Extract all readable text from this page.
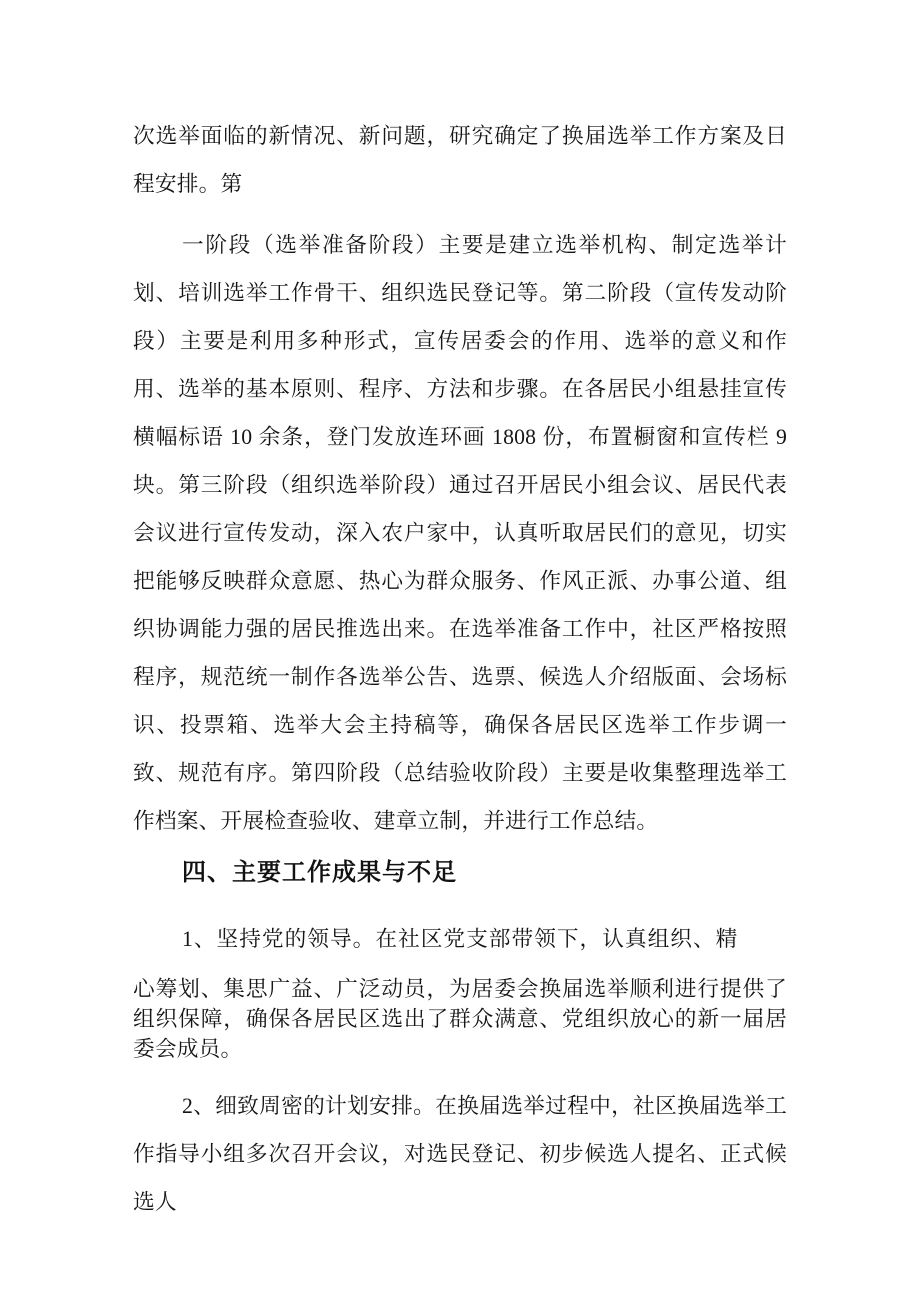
次选举面临的新情况、新问题，研究确定了换届选举工作方案及日程安排。第

一阶段（选举准备阶段）主要是建立选举机构、制定选举计划、培训选举工作骨干、组织选民登记等。第二阶段（宣传发动阶段）主要是利用多种形式，宣传居委会的作用、选举的意义和作用、选举的基本原则、程序、方法和步骤。在各居民小组悬挂宣传横幅标语 10 余条，登门发放连环画 1808 份，布置橱窗和宣传栏 9 块。第三阶段（组织选举阶段）通过召开居民小组会议、居民代表会议进行宣传发动，深入农户家中，认真听取居民们的意见，切实把能够反映群众意愿、热心为群众服务、作风正派、办事公道、组织协调能力强的居民推选出来。在选举准备工作中，社区严格按照程序，规范统一制作各选举公告、选票、候选人介绍版面、会场标识、投票箱、选举大会主持稿等，确保各居民区选举工作步调一致、规范有序。第四阶段（总结验收阶段）主要是收集整理选举工作档案、开展检查验收、建章立制，并进行工作总结。

四、主要工作成果与不足

1、坚持党的领导。在社区党支部带领下，认真组织、精

心筹划、集思广益、广泛动员，为居委会换届选举顺利进行提供了组织保障，确保各居民区选出了群众满意、党组织放心的新一届居委会成员。

2、细致周密的计划安排。在换届选举过程中，社区换届选举工作指导小组多次召开会议，对选民登记、初步候选人提名、正式候选人
